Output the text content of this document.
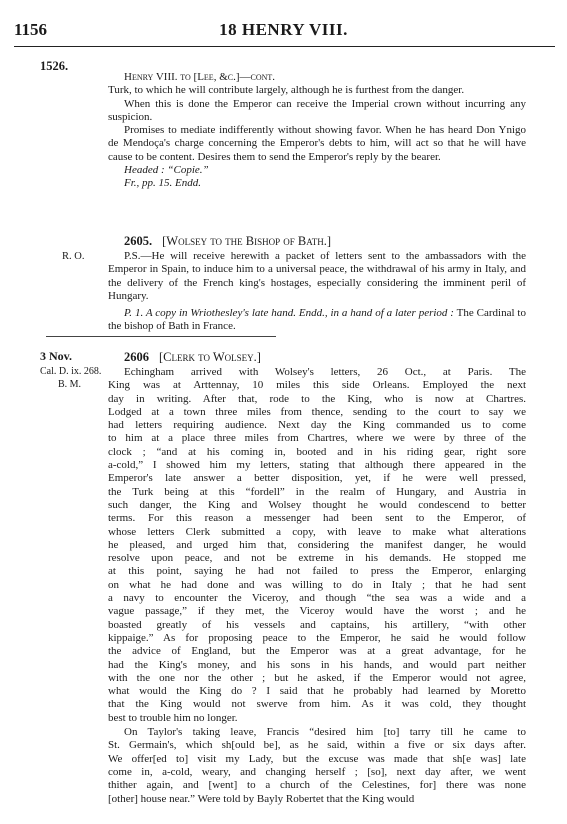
1156	18 HENRY VIII.
1526.

Henry VIII. to [Lee, &c.]—cont.

Turk, to which he will contribute largely, although he is furthest from the danger.

When this is done the Emperor can receive the Imperial crown without incurring any suspicion.

Promises to mediate indifferently without showing favor. When he has heard Don Ynigo de Mendoça's charge concerning the Emperor's debts to him, will act so that he will have cause to be content. Desires them to send the Emperor's reply by the bearer.

Headed : “Copie.”

Fr., pp. 15. Endd.

2605. [Wolsey to the Bishop of Bath.]
R. O.	P.S.—He will receive herewith a packet of letters sent to the ambassadors with the Emperor in Spain, to induce him to a universal peace, the withdrawal of his army in Italy, and the delivery of the French king's hostages, especially considering the imminent peril of Hungary.

P. 1. A copy in Wriothesley's late hand. Endd., in a hand of a later period : The Cardinal to the bishop of Bath in France.

3 Nov.	2606 [Clerk to Wolsey.]
Cal. D. ix. 268.
B. M.
Echingham arrived with Wolsey's letters, 26 Oct., at Paris. The
King was at Arttennay, 10 miles this side Orleans. Employed the next
day in writing. After that, rode to the King, who is now at Chartres.
Lodged at a town three miles from thence, sending to the court to say we
had letters requiring audience. Next day the King commanded us to come
to him at a place three miles from Chartres, where we were by three of the
clock ; “and at his coming in, booted and in his riding gear, right sore
a-cold,” I showed him my letters, stating that although there appeared in the
Emperor's late answer a better disposition, yet, if he were well pressed,
the Turk being at this “fordell” in the realm of Hungary, and Austria in
such danger, the King and Wolsey thought he would condescend to better
terms. For this reason a messenger had been sent to the Emperor, of
whose letters Clerk submitted a copy, with leave to make what alterations
he pleased, and urged him that, considering the manifest danger, he would
resolve upon peace, and not be extreme in his demands. He stopped me
at this point, saying he had not failed to press the Emperor, enlarging
on what he had done and was willing to do in Italy ; that he had sent
a navy to encounter the Viceroy, and though “the sea was a wide and a
vague passage,” if they met, the Viceroy would have the worst ; and he
boasted greatly of his vessels and captains, his artillery, “with other
kippaige.” As for proposing peace to the Emperor, he said he would follow
the advice of England, but the Emperor was at a great advantage, for he
had the King's money, and his sons in his hands, and would part neither
with the one nor the other ; but he asked, if the Emperor would not agree,
what would the King do ? I said that he probably had learned by Moretto
that the King would not swerve from him. As it was cold, they thought
best to trouble him no longer.
On Taylor's taking leave, Francis “desired him [to] tarry till he came to
St. Germain's, which sh[ould be], as he said, within a five or six days after.
We offer[ed to] visit my Lady, but the excuse was made that sh[e was] late
come in, a-cold, weary, and changing herself ; [so], next day after, we went
thither again, and [went] to a church of the Celestines, for] there was none
[other] house near.” Were told by Bayly Robertet that the King would
